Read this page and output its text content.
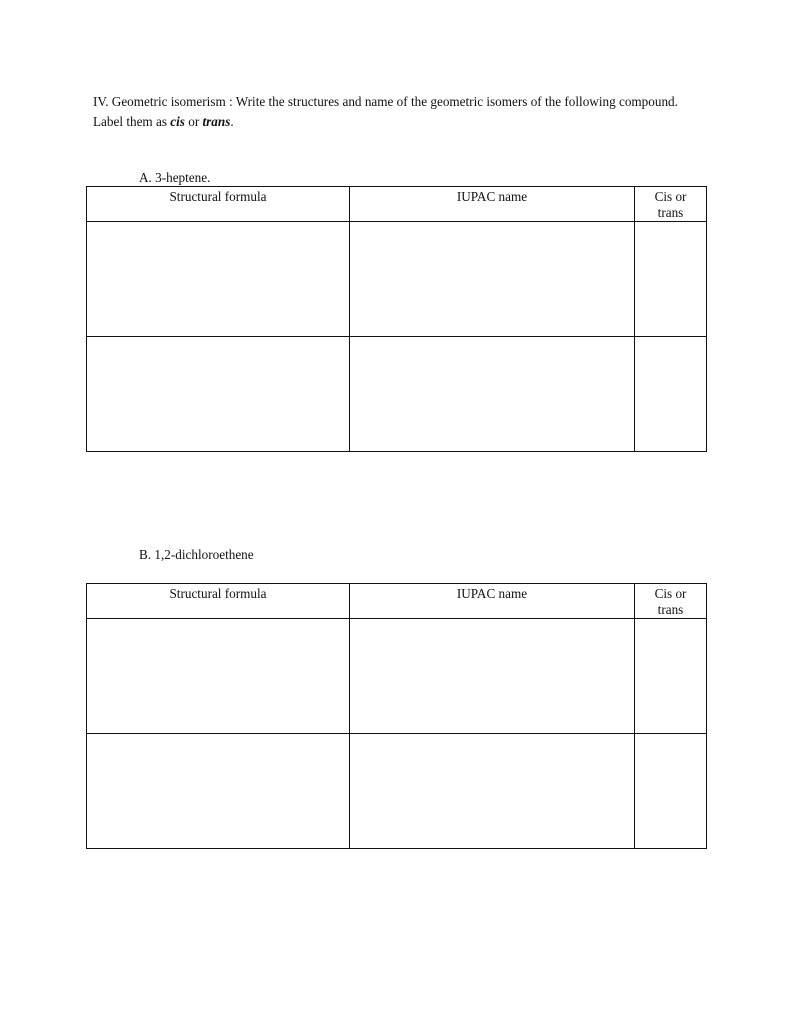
IV. Geometric isomerism : Write the structures and name of the geometric isomers of the following compound. Label them as cis or trans.
A. 3-heptene.
Structural formula	IUPAC name	Cis or
trans

B. 1,2-dichloroethene
Structural formula	IUPAC name	Cis or
trans
